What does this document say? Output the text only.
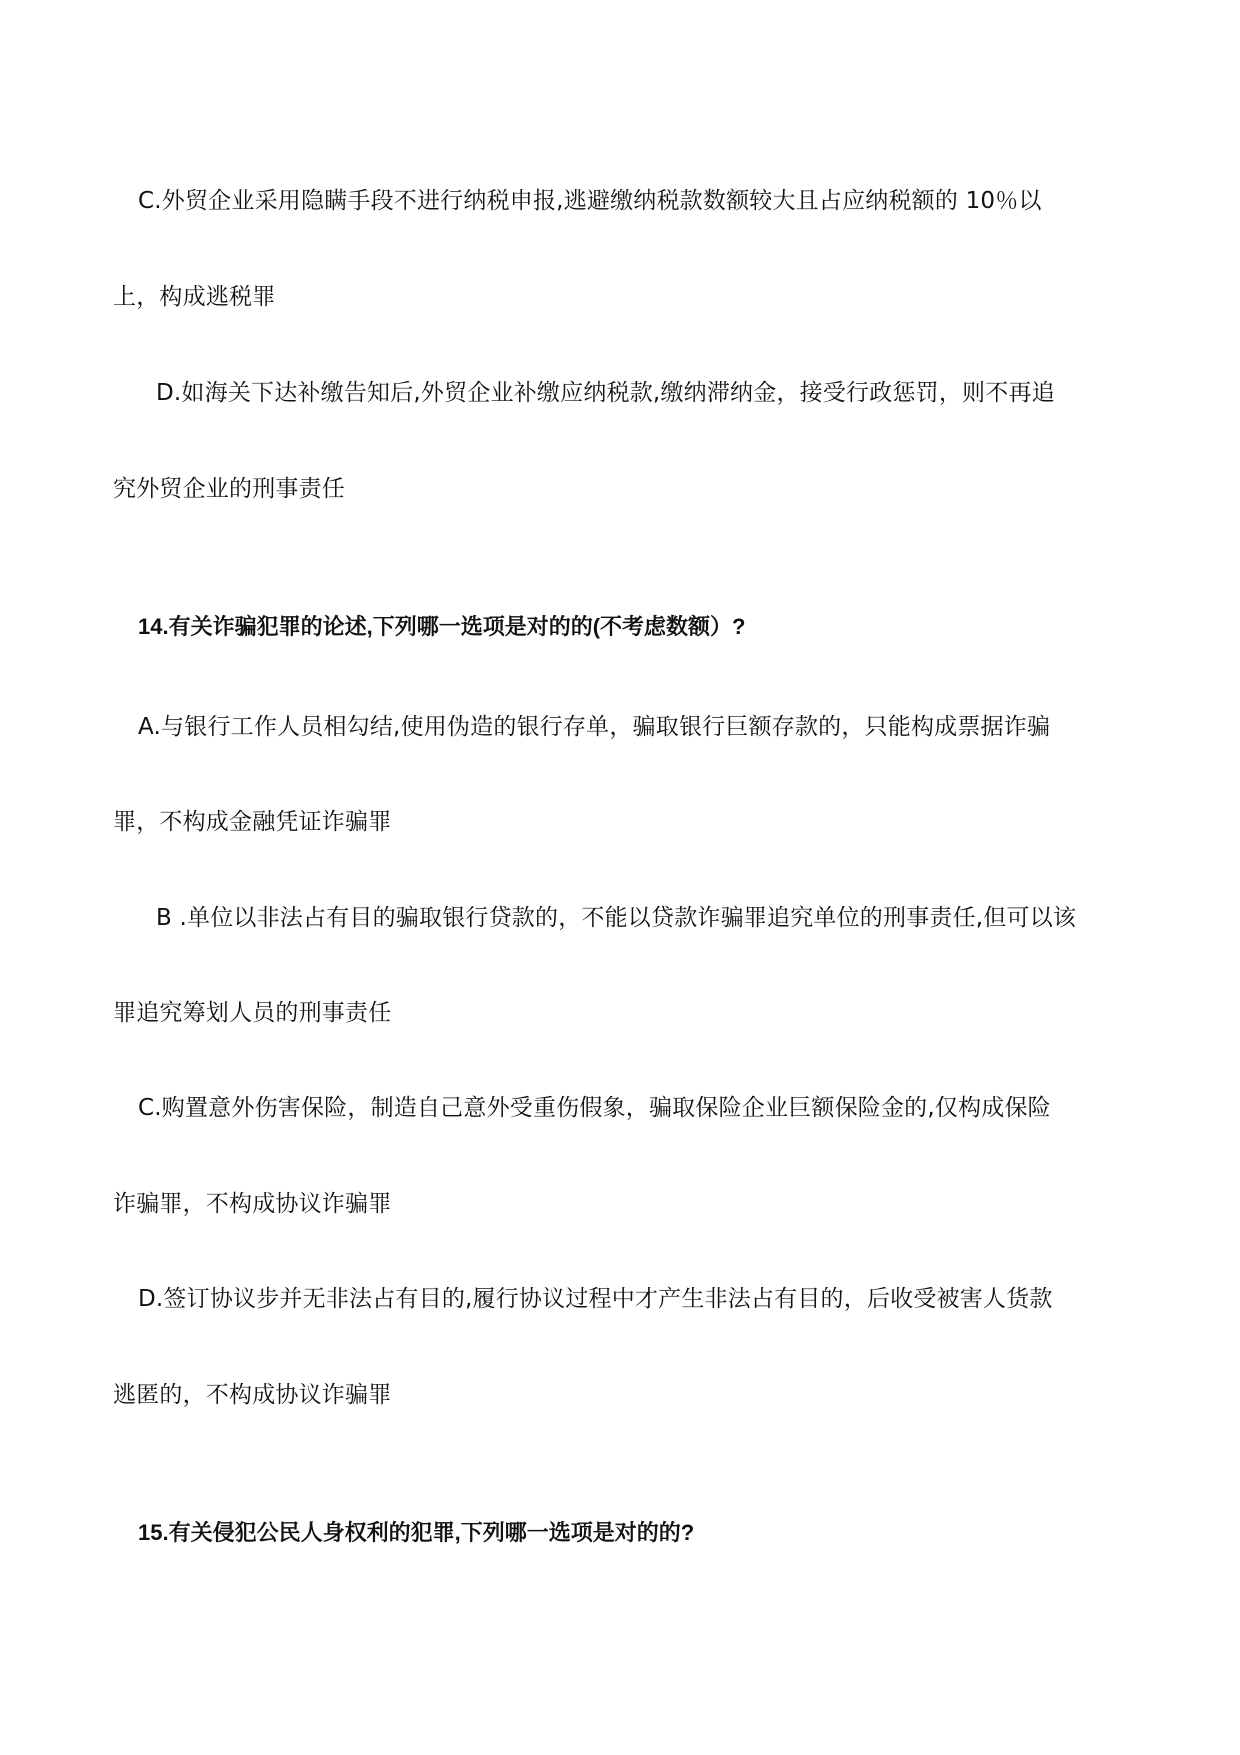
C.外贸企业采用隐瞒手段不进行纳税申报,逃避缴纳税款数额较大且占应纳税额的 10％以
上，构成逃税罪
D.如海关下达补缴告知后,外贸企业补缴应纳税款,缴纳滞纳金，接受行政惩罚，则不再追
究外贸企业的刑事责任
14.有关诈骗犯罪的论述,下列哪一选项是对的的(不考虑数额）?
A.与银行工作人员相勾结,使用伪造的银行存单，骗取银行巨额存款的，只能构成票据诈骗
罪，不构成金融凭证诈骗罪
B .单位以非法占有目的骗取银行贷款的，不能以贷款诈骗罪追究单位的刑事责任,但可以该
罪追究筹划人员的刑事责任
C.购置意外伤害保险，制造自己意外受重伤假象，骗取保险企业巨额保险金的,仅构成保险
诈骗罪，不构成协议诈骗罪
D.签订协议步并无非法占有目的,履行协议过程中才产生非法占有目的，后收受被害人货款
逃匿的，不构成协议诈骗罪
15.有关侵犯公民人身权利的犯罪,下列哪一选项是对的的?
